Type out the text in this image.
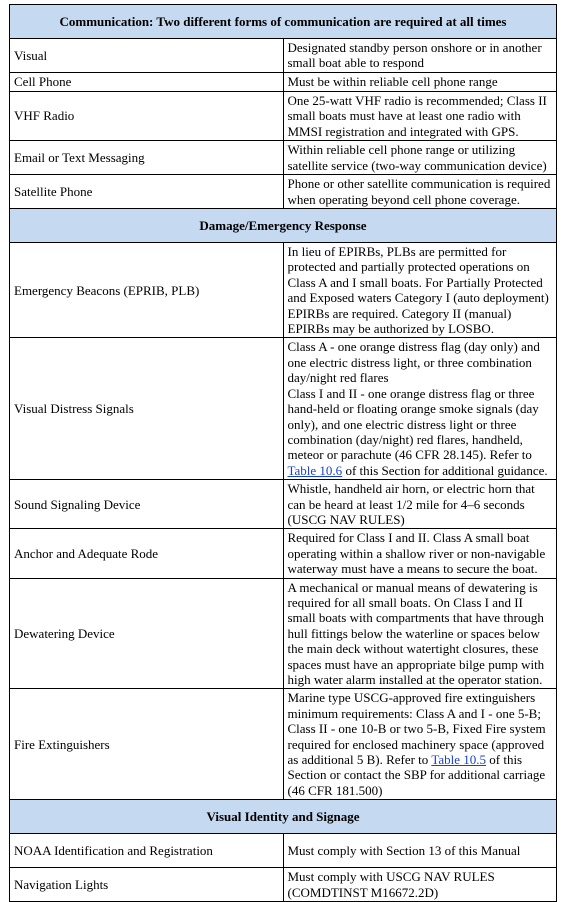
Communication: Two different forms of communication are required at all times	
Visual	Designated standby person onshore or in another small boat able to respond
Cell Phone	Must be within reliable cell phone range
VHF Radio	One 25-watt VHF radio is recommended; Class II small boats must have at least one radio with MMSI registration and integrated with GPS.
Email or Text Messaging	Within reliable cell phone range or utilizing satellite service (two-way communication device)
Satellite Phone	Phone or other satellite communication is required when operating beyond cell phone coverage.
Damage/Emergency Response	
Emergency Beacons (EPRIB, PLB)	In lieu of EPIRBs, PLBs are permitted for protected and partially protected operations on Class A and I small boats. For Partially Protected and Exposed waters Category I (auto deployment) EPIRBs are required. Category II (manual) EPIRBs may be authorized by LOSBO.
Visual Distress Signals	Class A - one orange distress flag (day only) and one electric distress light, or three combination day/night red flares
Class I and II - one orange distress flag or three hand-held or floating orange smoke signals (day only), and one electric distress light or three combination (day/night) red flares, handheld, meteor or parachute (46 CFR 28.145). Refer to Table 10.6 of this Section for additional guidance.
Sound Signaling Device	Whistle, handheld air horn, or electric horn that can be heard at least 1/2 mile for 4–6 seconds (USCG NAV RULES)
Anchor and Adequate Rode	Required for Class I and II. Class A small boat operating within a shallow river or non-navigable waterway must have a means to secure the boat.
Dewatering Device	A mechanical or manual means of dewatering is required for all small boats. On Class I and II small boats with compartments that have through hull fittings below the waterline or spaces below the main deck without watertight closures, these spaces must have an appropriate bilge pump with high water alarm installed at the operator station.
Fire Extinguishers	Marine type USCG-approved fire extinguishers minimum requirements: Class A and I - one 5-B; Class II - one 10-B or two 5-B, Fixed Fire system required for enclosed machinery space (approved as additional 5 B). Refer to Table 10.5 of this Section or contact the SBP for additional carriage (46 CFR 181.500)
Visual Identity and Signage	
NOAA Identification and Registration	Must comply with Section 13 of this Manual
Navigation Lights	Must comply with USCG NAV RULES (COMDTINST M16672.2D)
